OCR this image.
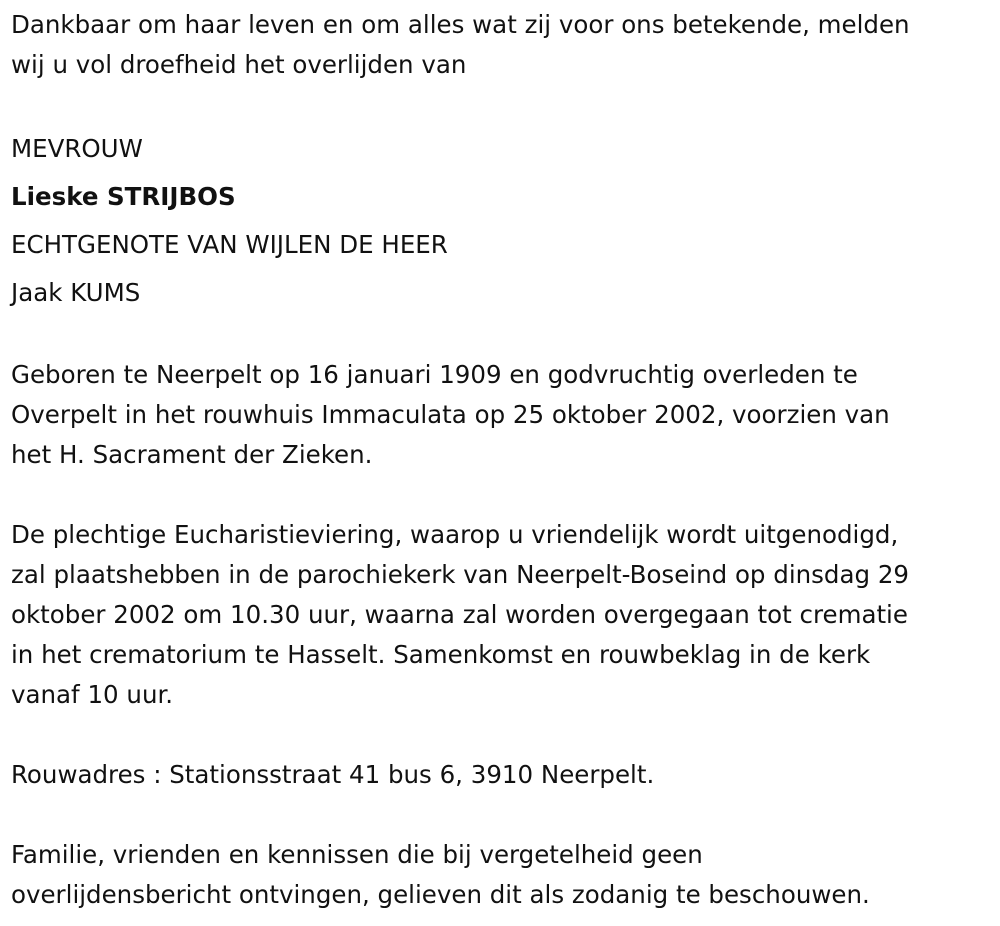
Dankbaar om haar leven en om alles wat zij voor ons betekende, melden
wij u vol droefheid het overlijden van
MEVROUW
Lieske STRIJBOS
ECHTGENOTE VAN WIJLEN DE HEER
Jaak KUMS
Geboren te Neerpelt op 16 januari 1909 en godvruchtig overleden te
Overpelt in het rouwhuis Immaculata op 25 oktober 2002, voorzien van
het H. Sacrament der Zieken.
De plechtige Eucharistieviering, waarop u vriendelijk wordt uitgenodigd,
zal plaatshebben in de parochiekerk van Neerpelt-Boseind op dinsdag 29
oktober 2002 om 10.30 uur, waarna zal worden overgegaan tot crematie
in het crematorium te Hasselt. Samenkomst en rouwbeklag in de kerk
vanaf 10 uur.
Rouwadres : Stationsstraat 41 bus 6, 3910 Neerpelt.
Familie, vrienden en kennissen die bij vergetelheid geen
overlijdensbericht ontvingen, gelieven dit als zodanig te beschouwen.
